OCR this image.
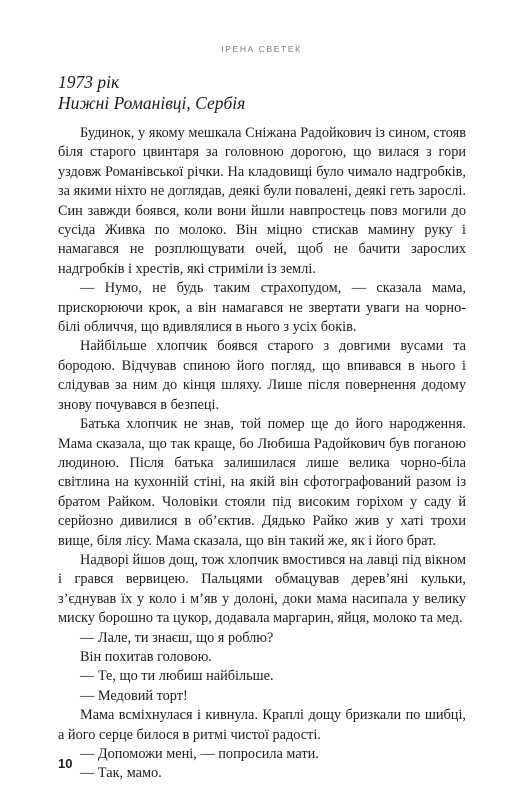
ІРЕНА СВЕТЕК
1973 рік
Нижні Романівці, Сербія

Будинок, у якому мешкала Сніжана Радойкович із сином, стояв біля старого цвинтаря за головною дорогою, що вилася з гори уздовж Романівської річки. На кладовищі було чимало надгробків, за якими ніхто не доглядав, деякі були повалені, деякі геть зарослі. Син завжди боявся, коли вони йшли навпростець повз могили до сусіда Живка по молоко. Він міцно стискав мамину руку і намагався не розплющувати очей, щоб не бачити зарослих надгробків і хрестів, які стриміли із землі.

— Нумо, не будь таким страхопудом, — сказала мама, прискорюючи крок, а він намагався не звертати уваги на чорно-білі обличчя, що вдивлялися в нього з усіх боків.

Найбільше хлопчик боявся старого з довгими вусами та бородою. Відчував спиною його погляд, що впивався в нього і слідував за ним до кінця шляху. Лише після повернення додому знову почувався в безпеці.

Батька хлопчик не знав, той помер ще до його народження. Мама сказала, що так краще, бо Любиша Радойкович був поганою людиною. Після батька залишилася лише велика чорно-біла світлина на кухонній стіні, на якій він сфотографований разом із братом Райком. Чоловіки стояли під високим горіхом у саду й серйозно дивилися в об’єктив. Дядько Райко жив у хаті трохи вище, біля лісу. Мама сказала, що він такий же, як і його брат.

Надворі йшов дощ, тож хлопчик вмостився на лавці під вікном і грався вервицею. Пальцями обмацував дерев’яні кульки, з’єднував їх у коло і м’яв у долоні, доки мама насипала у велику миску борошно та цукор, додавала маргарин, яйця, молоко та мед.

— Лале, ти знаєш, що я роблю?

Він похитав головою.

— Те, що ти любиш найбільше.

— Медовий торт!

Мама всміхнулася і кивнула. Краплі дощу бризкали по шибці, а його серце билося в ритмі чистої радості.

— Допоможи мені, — попросила мати.

— Так, мамо.

10
